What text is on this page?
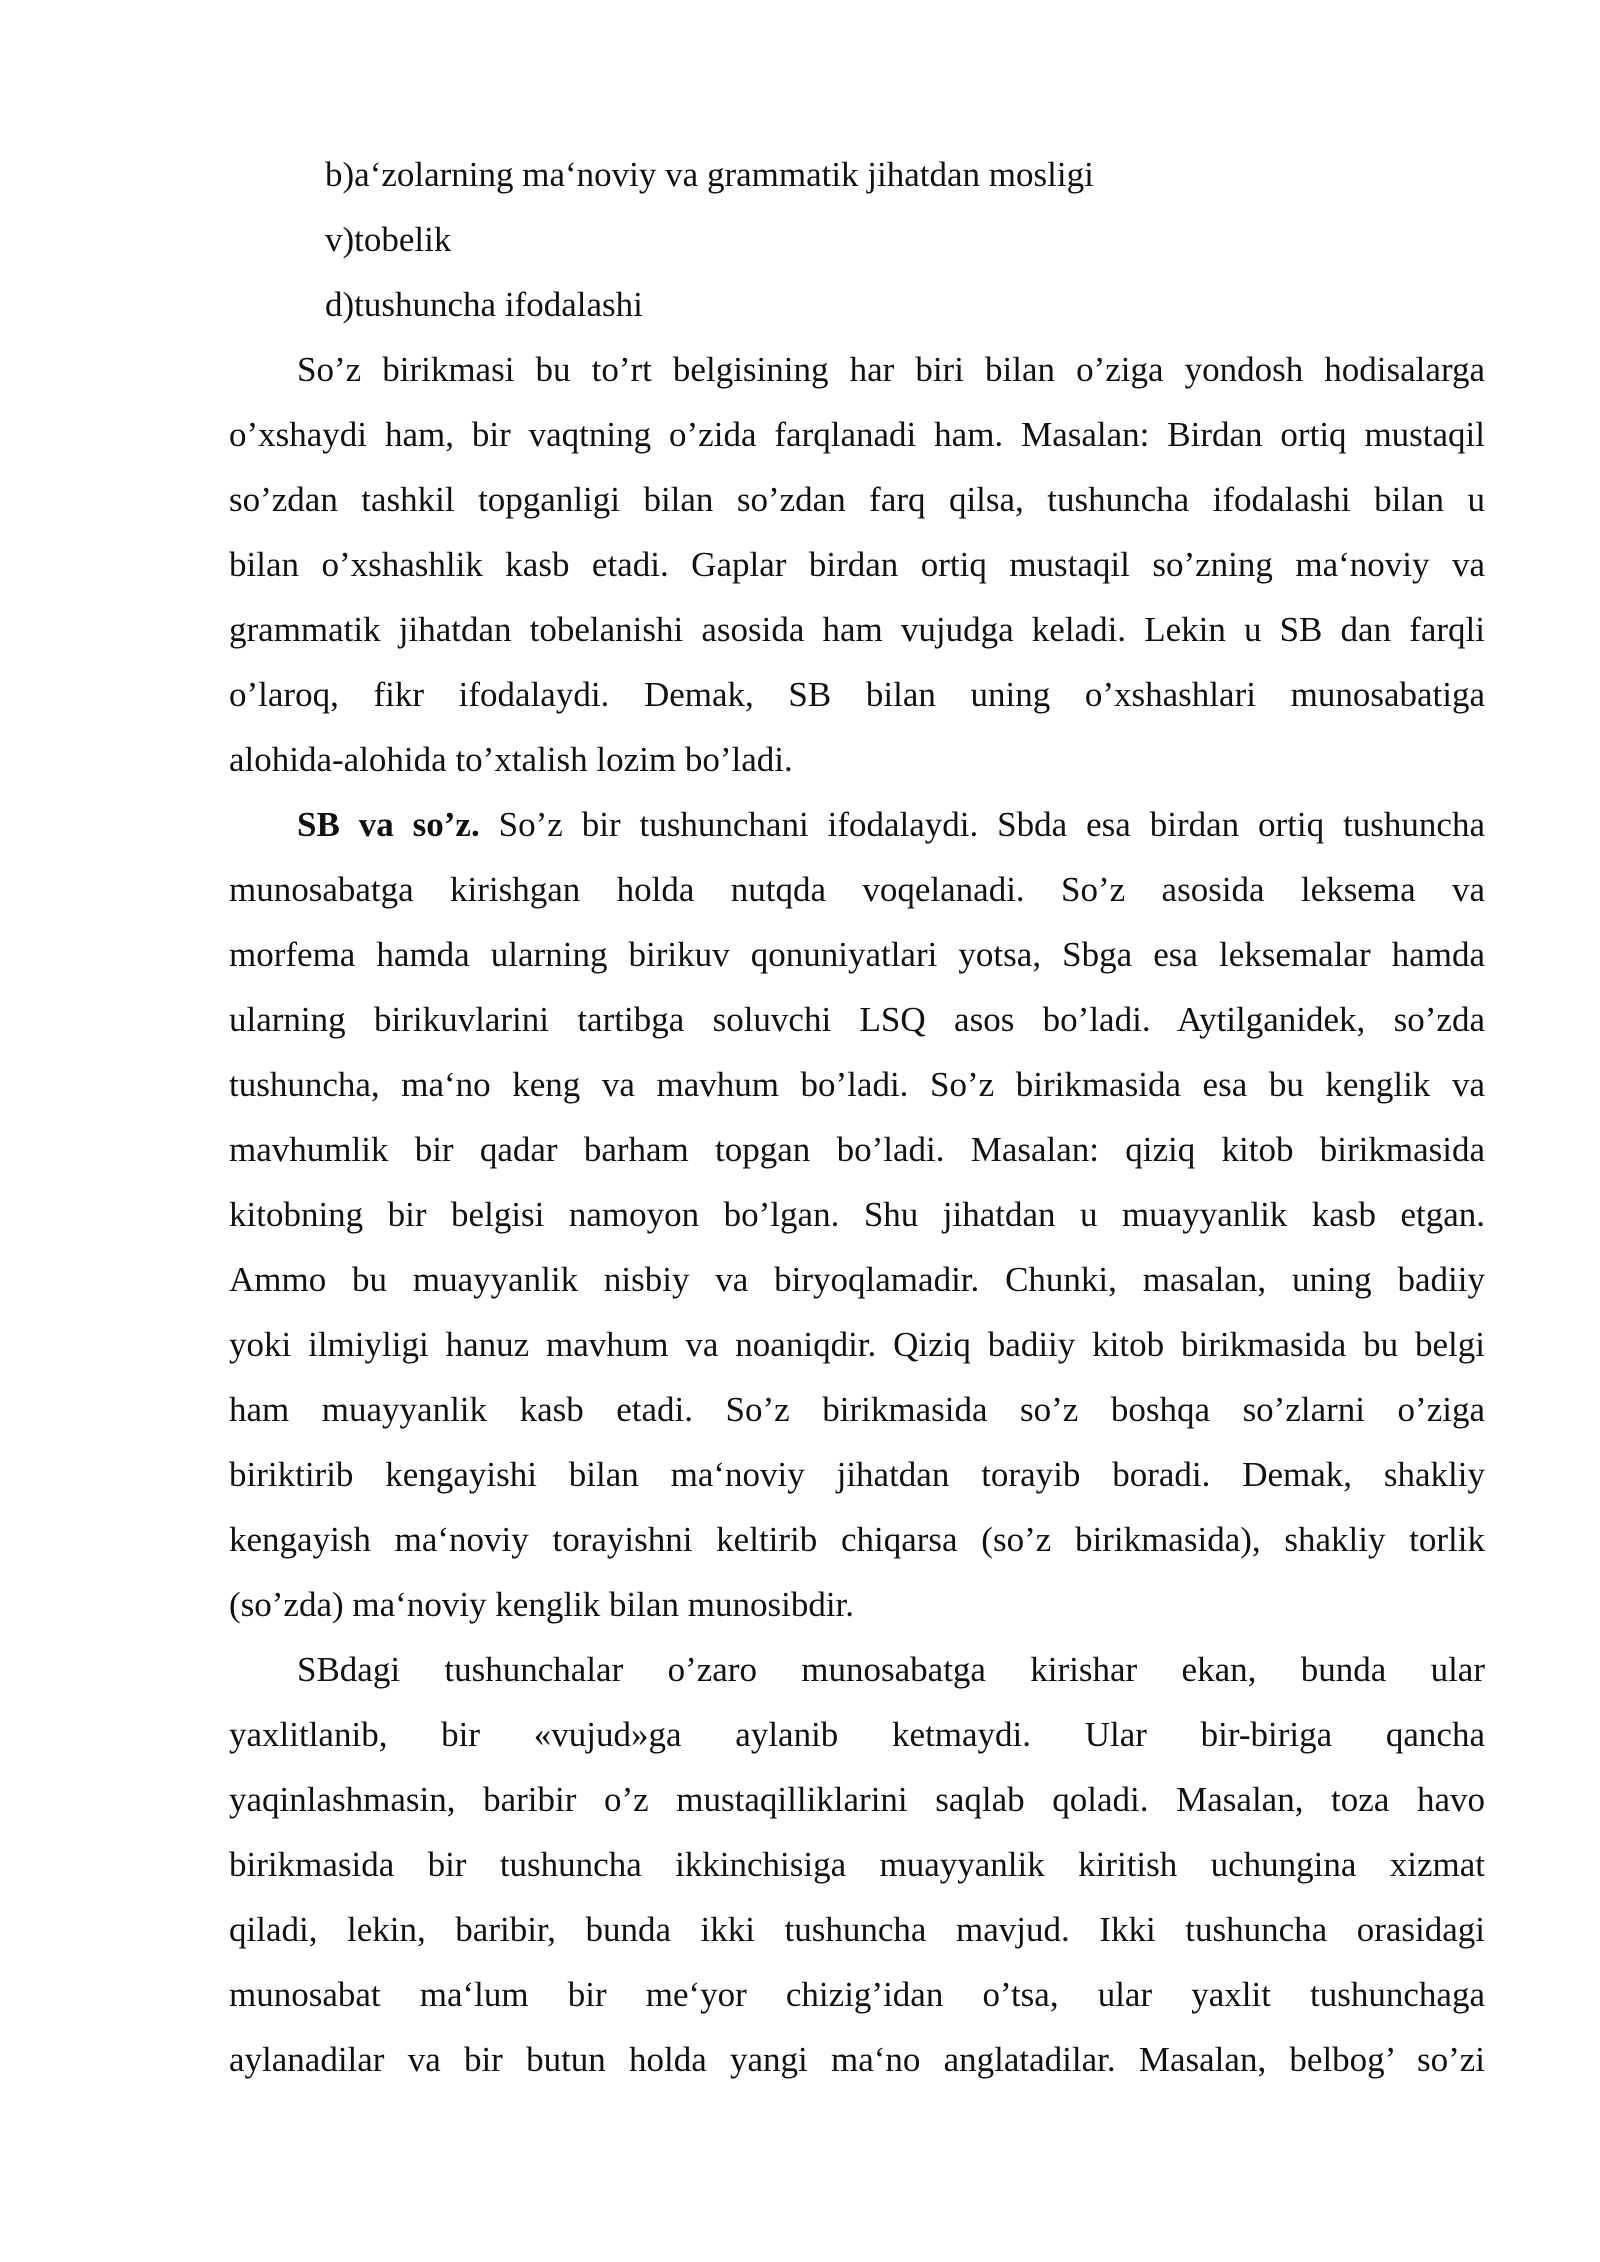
b)a‘zolarning ma‘noviy va grammatik jihatdan mosligi
v)tobelik
d)tushuncha ifodalashi
So’z birikmasi bu to’rt belgisining har biri bilan o’ziga yondosh hodisalarga
o’xshaydi ham, bir vaqtning o’zida farqlanadi ham. Masalan: Birdan ortiq mustaqil
so’zdan tashkil topganligi bilan so’zdan farq qilsa, tushuncha ifodalashi bilan u
bilan o’xshashlik kasb etadi. Gaplar birdan ortiq mustaqil so’zning ma‘noviy va
grammatik jihatdan tobelanishi asosida ham vujudga keladi. Lekin u SB dan farqli
o’laroq, fikr ifodalaydi. Demak, SB bilan uning o’xshashlari munosabatiga
alohida-alohida to’xtalish lozim bo’ladi.
SB va so’z. So’z bir tushunchani ifodalaydi. Sbda esa birdan ortiq tushuncha
munosabatga kirishgan holda nutqda voqelanadi. So’z asosida leksema va
morfema hamda ularning birikuv qonuniyatlari yotsa, Sbga esa leksemalar hamda
ularning birikuvlarini tartibga soluvchi LSQ asos bo’ladi. Aytilganidek, so’zda
tushuncha, ma‘no keng va mavhum bo’ladi. So’z birikmasida esa bu kenglik va
mavhumlik bir qadar barham topgan bo’ladi. Masalan: qiziq kitob birikmasida
kitobning bir belgisi namoyon bo’lgan. Shu jihatdan u muayyanlik kasb etgan.
Ammo bu muayyanlik nisbiy va biryoqlamadir. Chunki, masalan, uning badiiy
yoki ilmiyligi hanuz mavhum va noaniqdir. Qiziq badiiy kitob birikmasida bu belgi
ham muayyanlik kasb etadi. So’z birikmasida so’z boshqa so’zlarni o’ziga
biriktirib kengayishi bilan ma‘noviy jihatdan torayib boradi. Demak, shakliy
kengayish ma‘noviy torayishni keltirib chiqarsa (so’z birikmasida), shakliy torlik
(so’zda) ma‘noviy kenglik bilan munosibdir.
SBdagi tushunchalar o’zaro munosabatga kirishar ekan, bunda ular
yaxlitlanib, bir «vujud»ga aylanib ketmaydi. Ular bir-biriga qancha
yaqinlashmasin, baribir o’z mustaqilliklarini saqlab qoladi. Masalan, toza havo
birikmasida bir tushuncha ikkinchisiga muayyanlik kiritish uchungina xizmat
qiladi, lekin, baribir, bunda ikki tushuncha mavjud. Ikki tushuncha orasidagi
munosabat ma‘lum bir me‘yor chizig’idan o’tsa, ular yaxlit tushunchaga
aylanadilar va bir butun holda yangi ma‘no anglatadilar. Masalan, belbog’ so’zi
